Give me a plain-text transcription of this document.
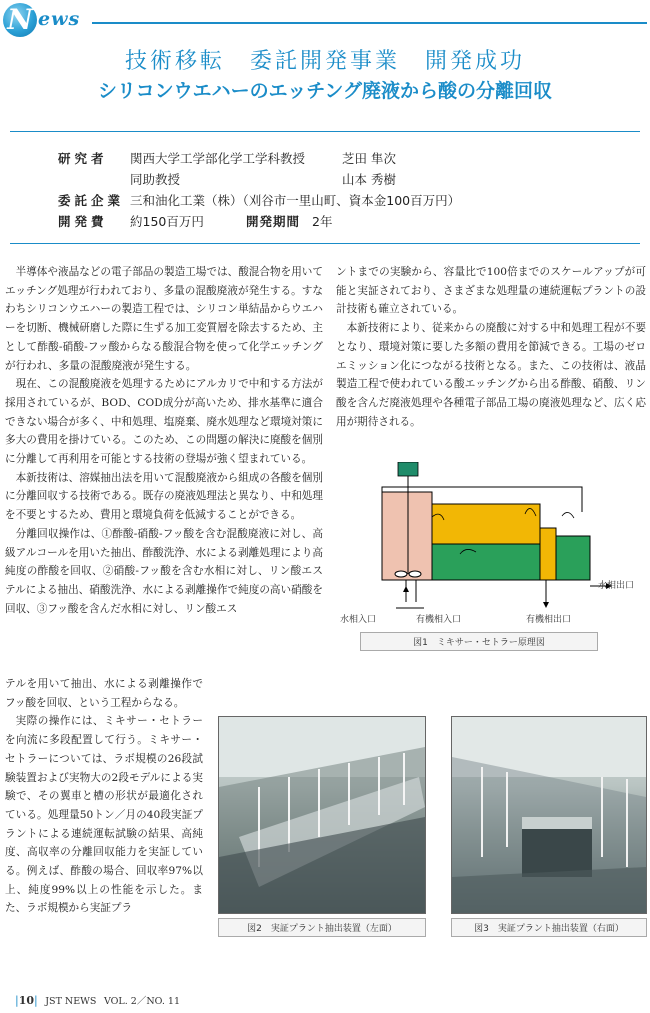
N ews
技術移転　委託開発事業　開発成功
シリコンウエハーのエッチング廃液から酸の分離回収
研究者	関西大学工学部化学工学科教授	芝田 隼次
同助教授	山本 秀樹
委託企業 三和油化工業（株）（刈谷市一里山町、資本金100百万円）
開発費	約150百万円	開発期間 2年

半導体や液晶などの電子部品の製造工場では、酸混合物を用いてエッチング処理が行われており、多量の混酸廃液が発生する。すなわちシリコンウエハーの製造工程では、シリコン単結晶からウエハーを切断、機械研磨した際に生ずる加工変質層を除去するため、主として酢酸-硝酸-フッ酸からなる酸混合物を使って化学エッチングが行われ、多量の混酸廃液が発生する。

現在、この混酸廃液を処理するためにアルカリで中和する方法が採用されているが、BOD、COD成分が高いため、排水基準に適合できない場合が多く、中和処理、塩廃棄、廃水処理など環境対策に多大の費用を掛けている。このため、この問題の解決に廃酸を個別に分離して再利用を可能とする技術の登場が強く望まれている。

本新技術は、溶媒抽出法を用いて混酸廃液から組成の各酸を個別に分離回収する技術である。既存の廃液処理法と異なり、中和処理を不要とするため、費用と環境負荷を低減することができる。

分離回収操作は、①酢酸-硝酸-フッ酸を含む混酸廃液に対し、高級アルコールを用いた抽出、酢酸洗浄、水による剥離処理により高純度の酢酸を回収、②硝酸-フッ酸を含む水相に対し、リン酸エステルによる抽出、硝酸洗浄、水による剥離操作で純度の高い硝酸を回収、③フッ酸を含んだ水相に対し、リン酸エス

テルを用いて抽出、水による剥離操作でフッ酸を回収、という工程からなる。

実際の操作には、ミキサー・セトラーを向流に多段配置して行う。ミキサー・セトラーについては、ラボ規模の26段試験装置および実物大の2段モデルによる実験で、その翼車と槽の形状が最適化されている。処理量50トン／月の40段実証プラントによる連続運転試験の結果、高純度、高収率の分離回収能力を実証している。例えば、酢酸の場合、回収率97%以上、純度99%以上の性能を示した。また、ラボ規模から実証プラ

ントまでの実験から、容量比で100倍までのスケールアップが可能と実証されており、さまざまな処理量の連続運転プラントの設計技術も確立されている。

本新技術により、従来からの廃酸に対する中和処理工程が不要となり、環境対策に要した多額の費用を節減できる。工場のゼロエミッション化につながる技術となる。また、この技術は、液晶製造工程で使われている酸エッチングから出る酢酸、硝酸、リン酸を含んだ廃液処理や各種電子部品工場の廃液処理など、広く応用が期待される。

水相入口	有機相入口	有機相出口
水相出口
図1　ミキサー・セトラー原理図
図2　実証プラント抽出装置（左面）	図3　実証プラント抽出装置（右面）
|10| JST NEWS VOL. 2／NO. 11
